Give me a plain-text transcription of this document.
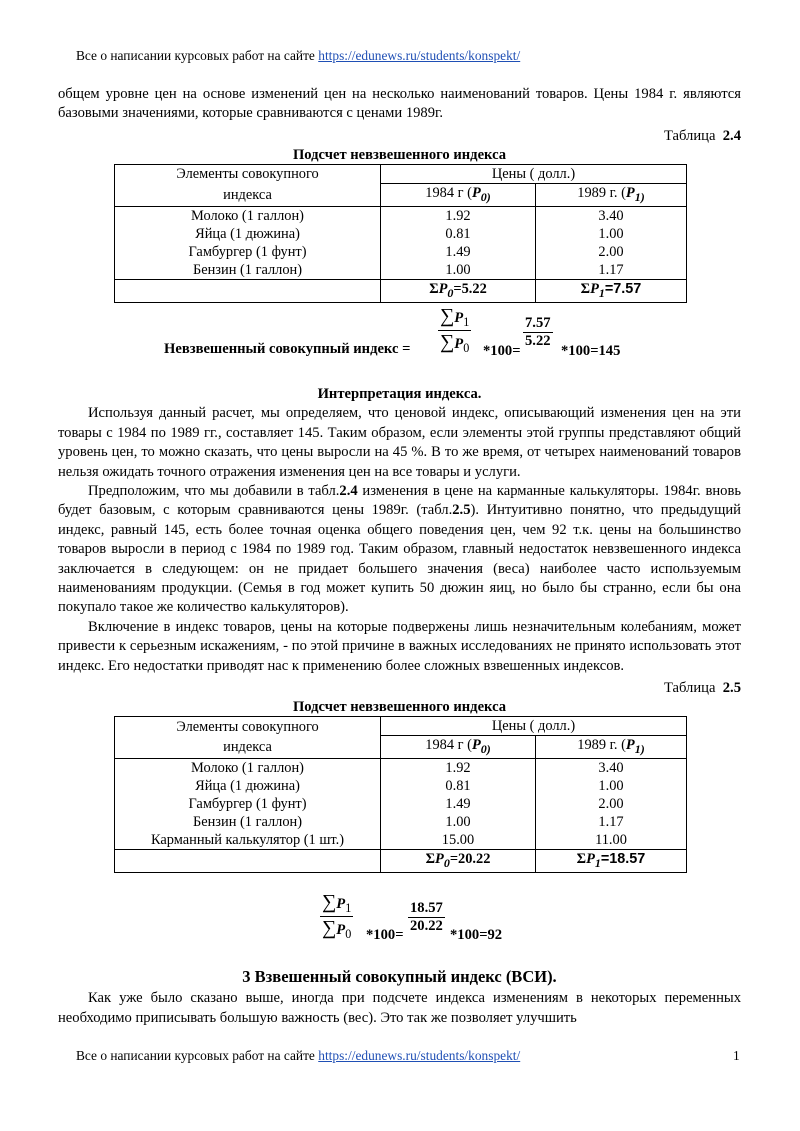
Все о написании курсовых работ на сайте https://edunews.ru/students/konspekt/

общем уровне цен на основе изменений цен на несколько наименований товаров. Цены 1984 г. являются базовыми значениями, которые сравниваются с ценами 1989г.

Таблица 2.4

Подсчет невзвешенного индекса

Элементы совокупного	Цены ( долл.)	
индекса	1984 г ($P_{0)}$	1989 г. ($P_{1)}$
Молоко (1 галлон)	1.92	3.40
Яйца (1 дюжина)	0.81	1.00
Гамбургер (1 фунт)	1.49	2.00
Бензин (1 галлон)	1.00	1.17
	$\Sigma P_0=5.22$	$\Sigma P_1=7.57$
$\frac{\sum P_1}{\sum P_0}$
Невзвешенный совокупный индекс =	*100=
$\frac{7.57}{5.22}$
*100=145

Интерпретация индекса.

Используя данный расчет, мы определяем, что ценовой индекс, описывающий изменения цен на эти товары с 1984 по 1989 гг., составляет 145. Таким образом, если элементы этой группы представляют общий уровень цен, то можно сказать, что цены выросли на 45 %. В то же время, от четырех наименований товаров нельзя ожидать точного отражения изменения цен на все товары и услуги.

Предположим, что мы добавили в табл.2.4 изменения в цене на карманные калькуляторы. 1984г. вновь будет базовым, с которым сравниваются цены 1989г. (табл.2.5). Интуитивно понятно, что предыдущий индекс, равный 145, есть более точная оценка общего поведения цен, чем 92 т.к. цены на большинство товаров выросли в период с 1984 по 1989 год. Таким образом, главный недостаток невзвешенного индекса заключается в следующем: он не придает большего значения (веса) наиболее часто используемым наименованиям продукции. (Семья в год может купить 50 дюжин яиц, но было бы странно, если бы она покупало такое же количество калькуляторов).

Включение в индекс товаров, цены на которые подвержены лишь незначительным колебаниям, может привести к серьезным искажениям, - по этой причине в важных исследованиях не принято использовать этот индекс. Его недостатки приводят нас к применению более сложных взвешенных индексов.

Таблица 2.5

Подсчет невзвешенного индекса

Элементы совокупного	Цены ( долл.)	
индекса	1984 г ($P_{0)}$	1989 г. ($P_{1)}$
Молоко (1 галлон)	1.92	3.40
Яйца (1 дюжина)	0.81	1.00
Гамбургер (1 фунт)	1.49	2.00
Бензин (1 галлон)	1.00	1.17
Карманный калькулятор (1 шт.)	15.00	11.00
	$\Sigma P_0=20.22$	$\Sigma P_1=18.57$
$\frac{\sum P_1}{\sum P_0} *100= \frac{18.57}{20.22} *100=92$
3 Взвешенный совокупный индекс (ВСИ).

Как уже было сказано выше, иногда при подсчете индекса изменениям в некоторых переменных необходимо приписывать большую важность (вес). Это так же позволяет улучшить

Все о написании курсовых работ на сайте https://edunews.ru/students/konspekt/	1
